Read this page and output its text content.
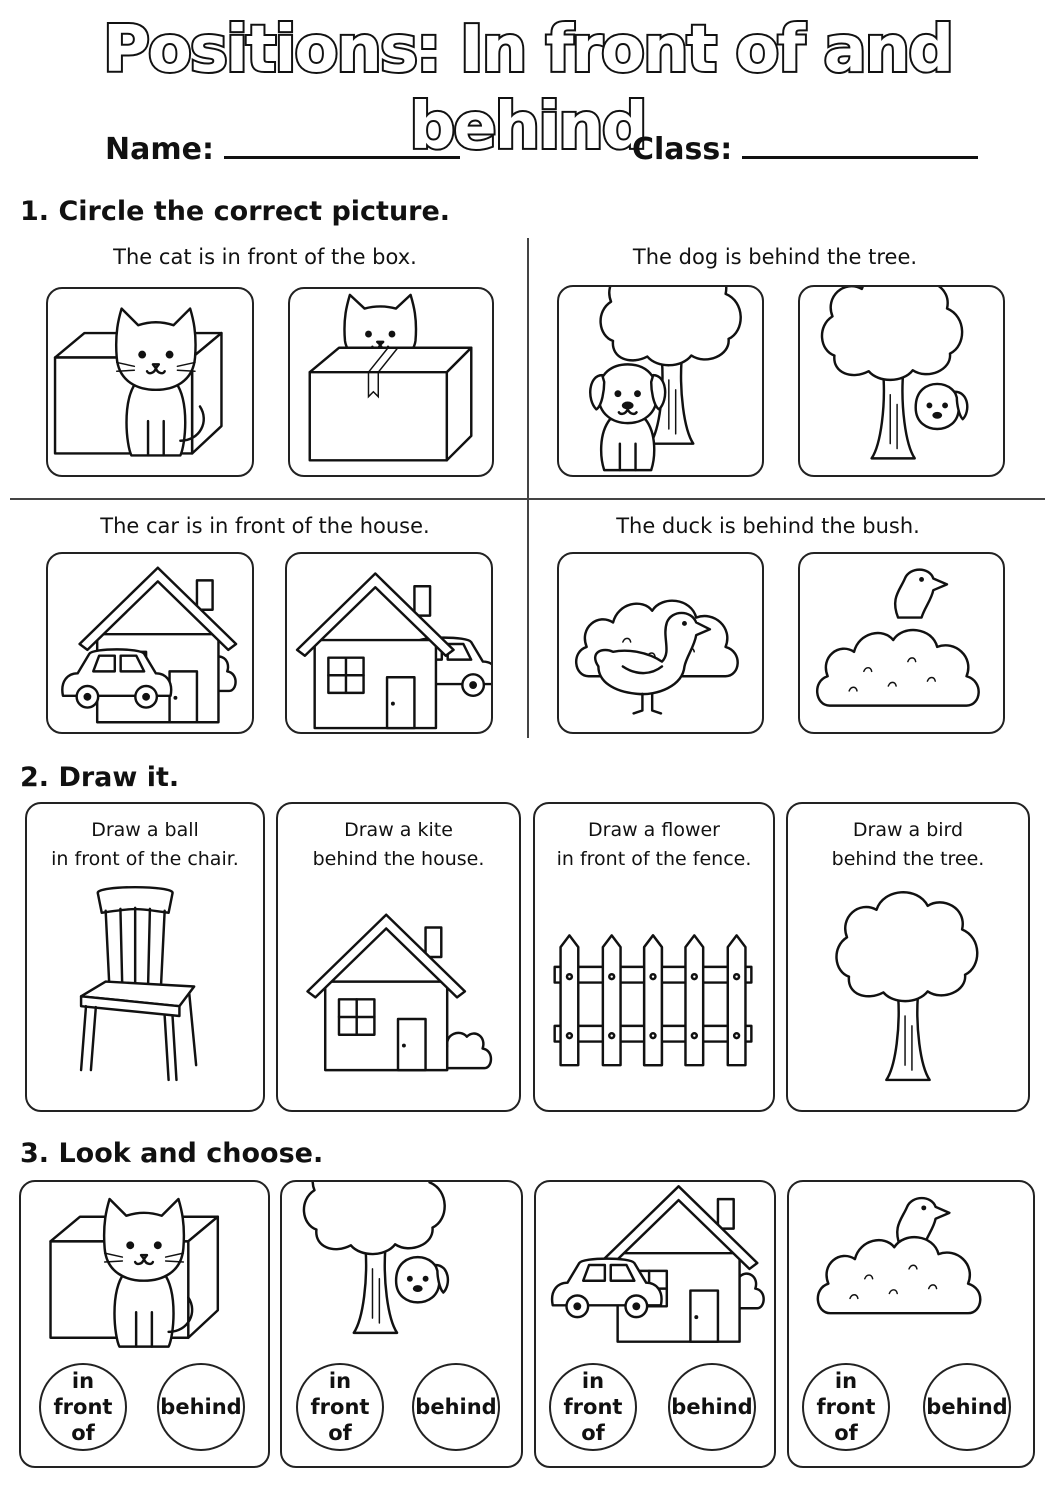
Positions: In front of and behind
Name:	Class:
1. Circle the correct picture.
The cat is in front of the box.	The dog is behind the tree.
The car is in front of the house.	The duck is behind the bush.
2. Draw it.
Draw a ball
in front of the chair.
Draw a kite
behind the house.
Draw a flower
in front of the fence.
Draw a bird
behind the tree.
3. Look and choose.
in front of
behind
in front of
behind
in front of
behind
in front of
behind
